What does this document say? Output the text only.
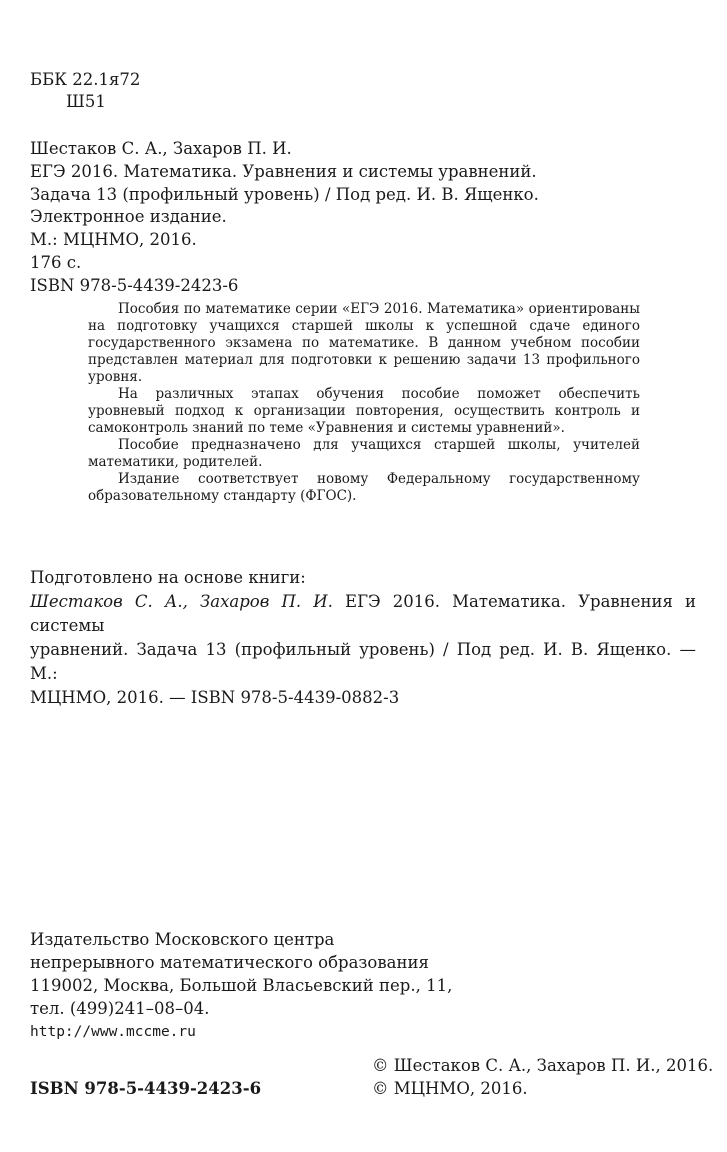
ББК 22.1я72
Ш51
Шестаков С. А., Захаров П. И.
ЕГЭ 2016. Математика. Уравнения и системы уравнений.
Задача 13 (профильный уровень) / Под ред. И. В. Ященко.
Электронное издание.
М.: МЦНМО, 2016.
176 с.
ISBN 978-5-4439-2423-6

Пособия по математике серии «ЕГЭ 2016. Математика» ориентированы на подготовку учащихся старшей школы к успешной сдаче единого государственного экзамена по математике. В данном учебном пособии представлен материал для подготовки к решению задачи 13 профильного уровня.

На различных этапах обучения пособие поможет обеспечить уровневый подход к организации повторения, осуществить контроль и самоконтроль знаний по теме «Уравнения и системы уравнений».

Пособие предназначено для учащихся старшей школы, учителей математики, родителей.

Издание соответствует новому Федеральному государственному образовательному стандарту (ФГОС).

Подготовлено на основе книги:
Шестаков С. А., Захаров П. И. ЕГЭ 2016. Математика. Уравнения и системы
уравнений. Задача 13 (профильный уровень) / Под ред. И. В. Ященко. — М.:
МЦНМО, 2016. — ISBN 978-5-4439-0882-3
Издательство Московского центра
непрерывного математического образования
119002, Москва, Большой Власьевский пер., 11,
тел. (499)241–08–04.
http://www.mccme.ru
© Шестаков С. А., Захаров П. И., 2016.
© МЦНМО, 2016.
ISBN 978-5-4439-2423-6
